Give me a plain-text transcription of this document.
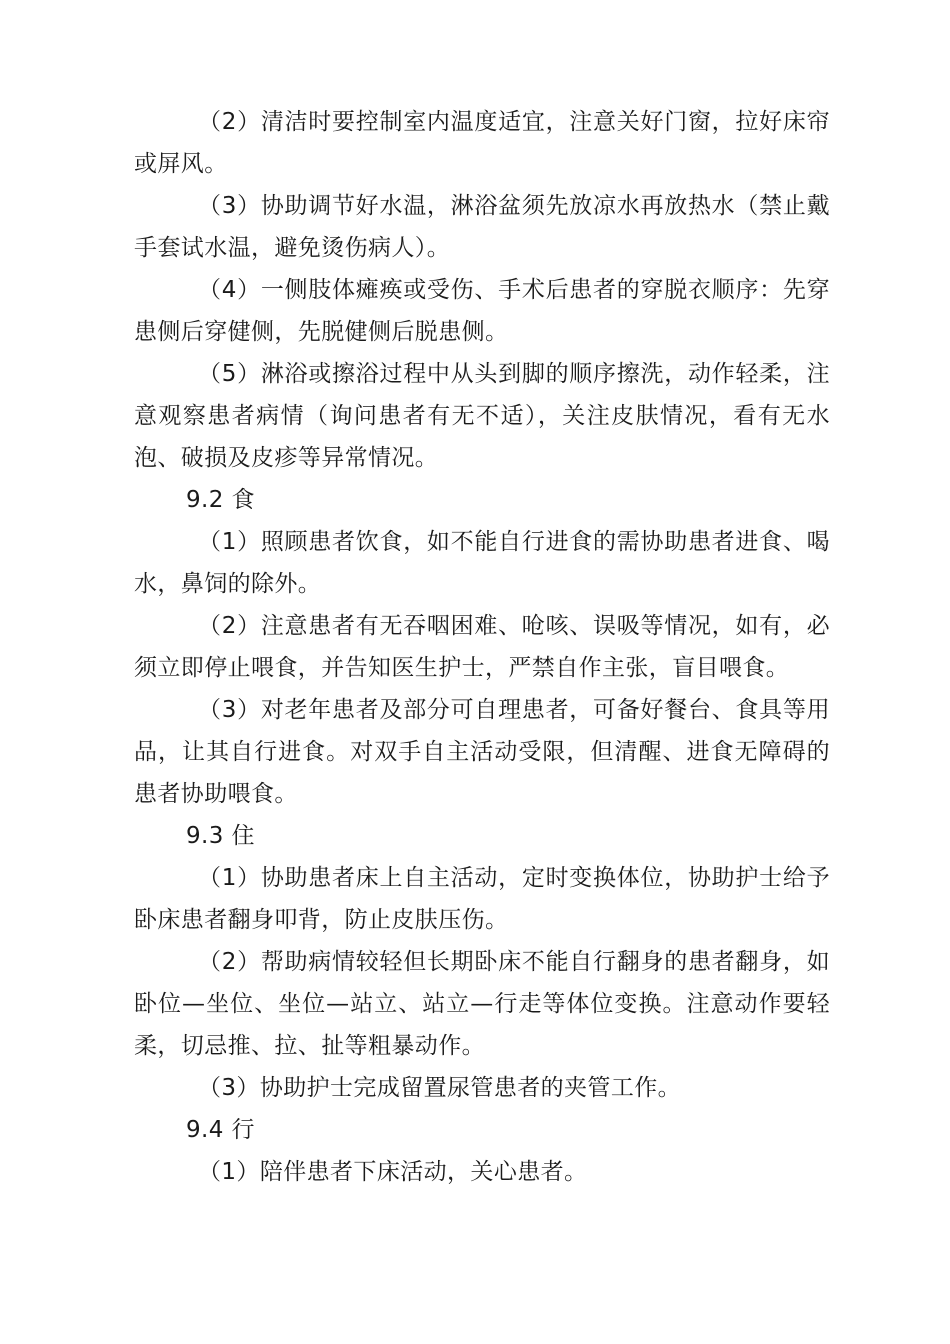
（2）清洁时要控制室内温度适宜，注意关好门窗，拉好床帘或屏风。

（3）协助调节好水温，淋浴盆须先放凉水再放热水（禁止戴手套试水温，避免烫伤病人）。

（4）一侧肢体瘫痪或受伤、手术后患者的穿脱衣顺序：先穿患侧后穿健侧，先脱健侧后脱患侧。

（5）淋浴或擦浴过程中从头到脚的顺序擦洗，动作轻柔，注意观察患者病情（询问患者有无不适），关注皮肤情况，看有无水泡、破损及皮疹等异常情况。

9.2 食

（1）照顾患者饮食，如不能自行进食的需协助患者进食、喝水，鼻饲的除外。

（2）注意患者有无吞咽困难、呛咳、误吸等情况，如有，必须立即停止喂食，并告知医生护士，严禁自作主张，盲目喂食。

（3）对老年患者及部分可自理患者，可备好餐台、食具等用品，让其自行进食。对双手自主活动受限，但清醒、进食无障碍的患者协助喂食。

9.3 住

（1）协助患者床上自主活动，定时变换体位，协助护士给予卧床患者翻身叩背，防止皮肤压伤。

（2）帮助病情较轻但长期卧床不能自行翻身的患者翻身，如卧位—坐位、坐位—站立、站立—行走等体位变换。注意动作要轻柔，切忌推、拉、扯等粗暴动作。

（3）协助护士完成留置尿管患者的夹管工作。

9.4 行

（1）陪伴患者下床活动，关心患者。
